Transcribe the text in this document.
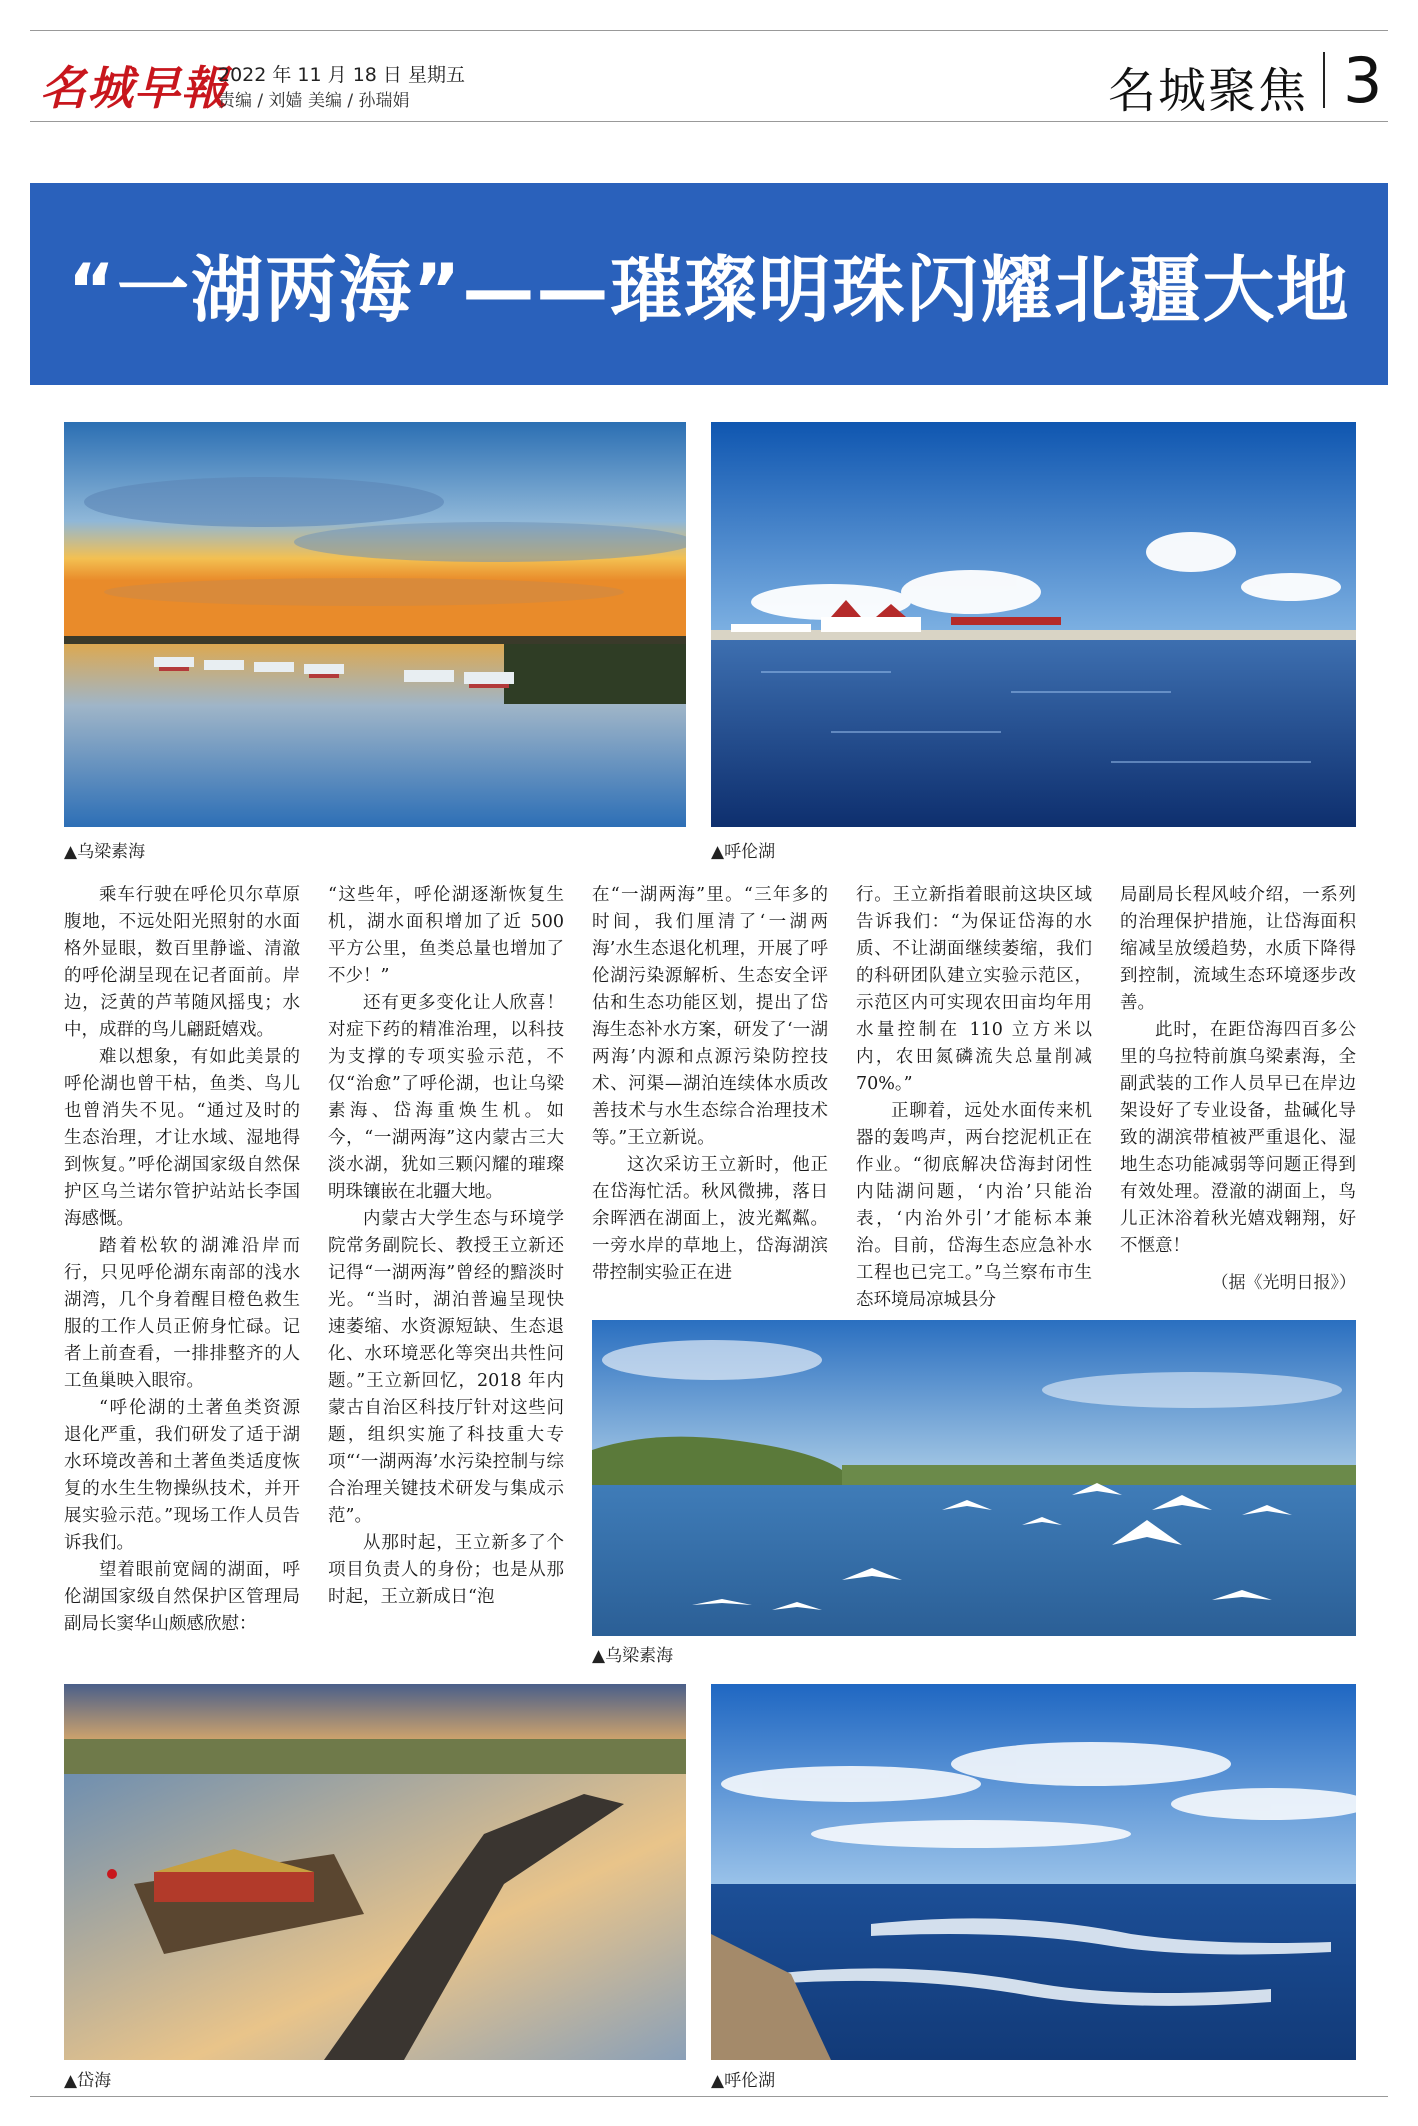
名城早報
2022 年 11 月 18 日 星期五
责编 / 刘嫱 美编 / 孙瑞娟	名城聚焦 3
“一湖两海”——璀璨明珠闪耀北疆大地
▲乌梁素海	▲呼伦湖

乘车行驶在呼伦贝尔草原腹地，不远处阳光照射的水面格外显眼，数百里静谧、清澈的呼伦湖呈现在记者面前。岸边，泛黄的芦苇随风摇曳；水中，成群的鸟儿翩跹嬉戏。

难以想象，有如此美景的呼伦湖也曾干枯，鱼类、鸟儿也曾消失不见。“通过及时的生态治理，才让水域、湿地得到恢复。”呼伦湖国家级自然保护区乌兰诺尔管护站站长李国海感慨。

踏着松软的湖滩沿岸而行，只见呼伦湖东南部的浅水湖湾，几个身着醒目橙色救生服的工作人员正俯身忙碌。记者上前查看，一排排整齐的人工鱼巢映入眼帘。

“呼伦湖的土著鱼类资源退化严重，我们研发了适于湖水环境改善和土著鱼类适度恢复的水生生物操纵技术，并开展实验示范。”现场工作人员告诉我们。

望着眼前宽阔的湖面，呼伦湖国家级自然保护区管理局副局长窦华山颇感欣慰：

“这些年，呼伦湖逐渐恢复生机，湖水面积增加了近 500 平方公里，鱼类总量也增加了不少！”

还有更多变化让人欣喜！对症下药的精准治理，以科技为支撑的专项实验示范，不仅“治愈”了呼伦湖，也让乌梁素海、岱海重焕生机。如今，“一湖两海”这内蒙古三大淡水湖，犹如三颗闪耀的璀璨明珠镶嵌在北疆大地。

内蒙古大学生态与环境学院常务副院长、教授王立新还记得“一湖两海”曾经的黯淡时光。“当时，湖泊普遍呈现快速萎缩、水资源短缺、生态退化、水环境恶化等突出共性问题。”王立新回忆，2018 年内蒙古自治区科技厅针对这些问题，组织实施了科技重大专项“‘一湖两海’水污染控制与综合治理关键技术研发与集成示范”。

从那时起，王立新多了个项目负责人的身份；也是从那时起，王立新成日“泡

在“一湖两海”里。“三年多的时间，我们厘清了‘一湖两海’水生态退化机理，开展了呼伦湖污染源解析、生态安全评估和生态功能区划，提出了岱海生态补水方案，研发了‘一湖两海’内源和点源污染防控技术、河渠—湖泊连续体水质改善技术与水生态综合治理技术等。”王立新说。

这次采访王立新时，他正在岱海忙活。秋风微拂，落日余晖洒在湖面上，波光粼粼。一旁水岸的草地上，岱海湖滨带控制实验正在进

行。王立新指着眼前这块区域告诉我们：“为保证岱海的水质、不让湖面继续萎缩，我们的科研团队建立实验示范区，示范区内可实现农田亩均年用水量控制在 110 立方米以内，农田氮磷流失总量削减 70%。”

正聊着，远处水面传来机器的轰鸣声，两台挖泥机正在作业。“彻底解决岱海封闭性内陆湖问题，‘内治’只能治表，‘内治外引’才能标本兼治。目前，岱海生态应急补水工程也已完工。”乌兰察布市生态环境局凉城县分

局副局长程风岐介绍，一系列的治理保护措施，让岱海面积缩减呈放缓趋势，水质下降得到控制，流域生态环境逐步改善。

此时，在距岱海四百多公里的乌拉特前旗乌梁素海，全副武装的工作人员早已在岸边架设好了专业设备，盐碱化导致的湖滨带植被严重退化、湿地生态功能减弱等问题正得到有效处理。澄澈的湖面上，鸟儿正沐浴着秋光嬉戏翱翔，好不惬意！

（据《光明日报》）
▲乌梁素海
▲岱海	▲呼伦湖
